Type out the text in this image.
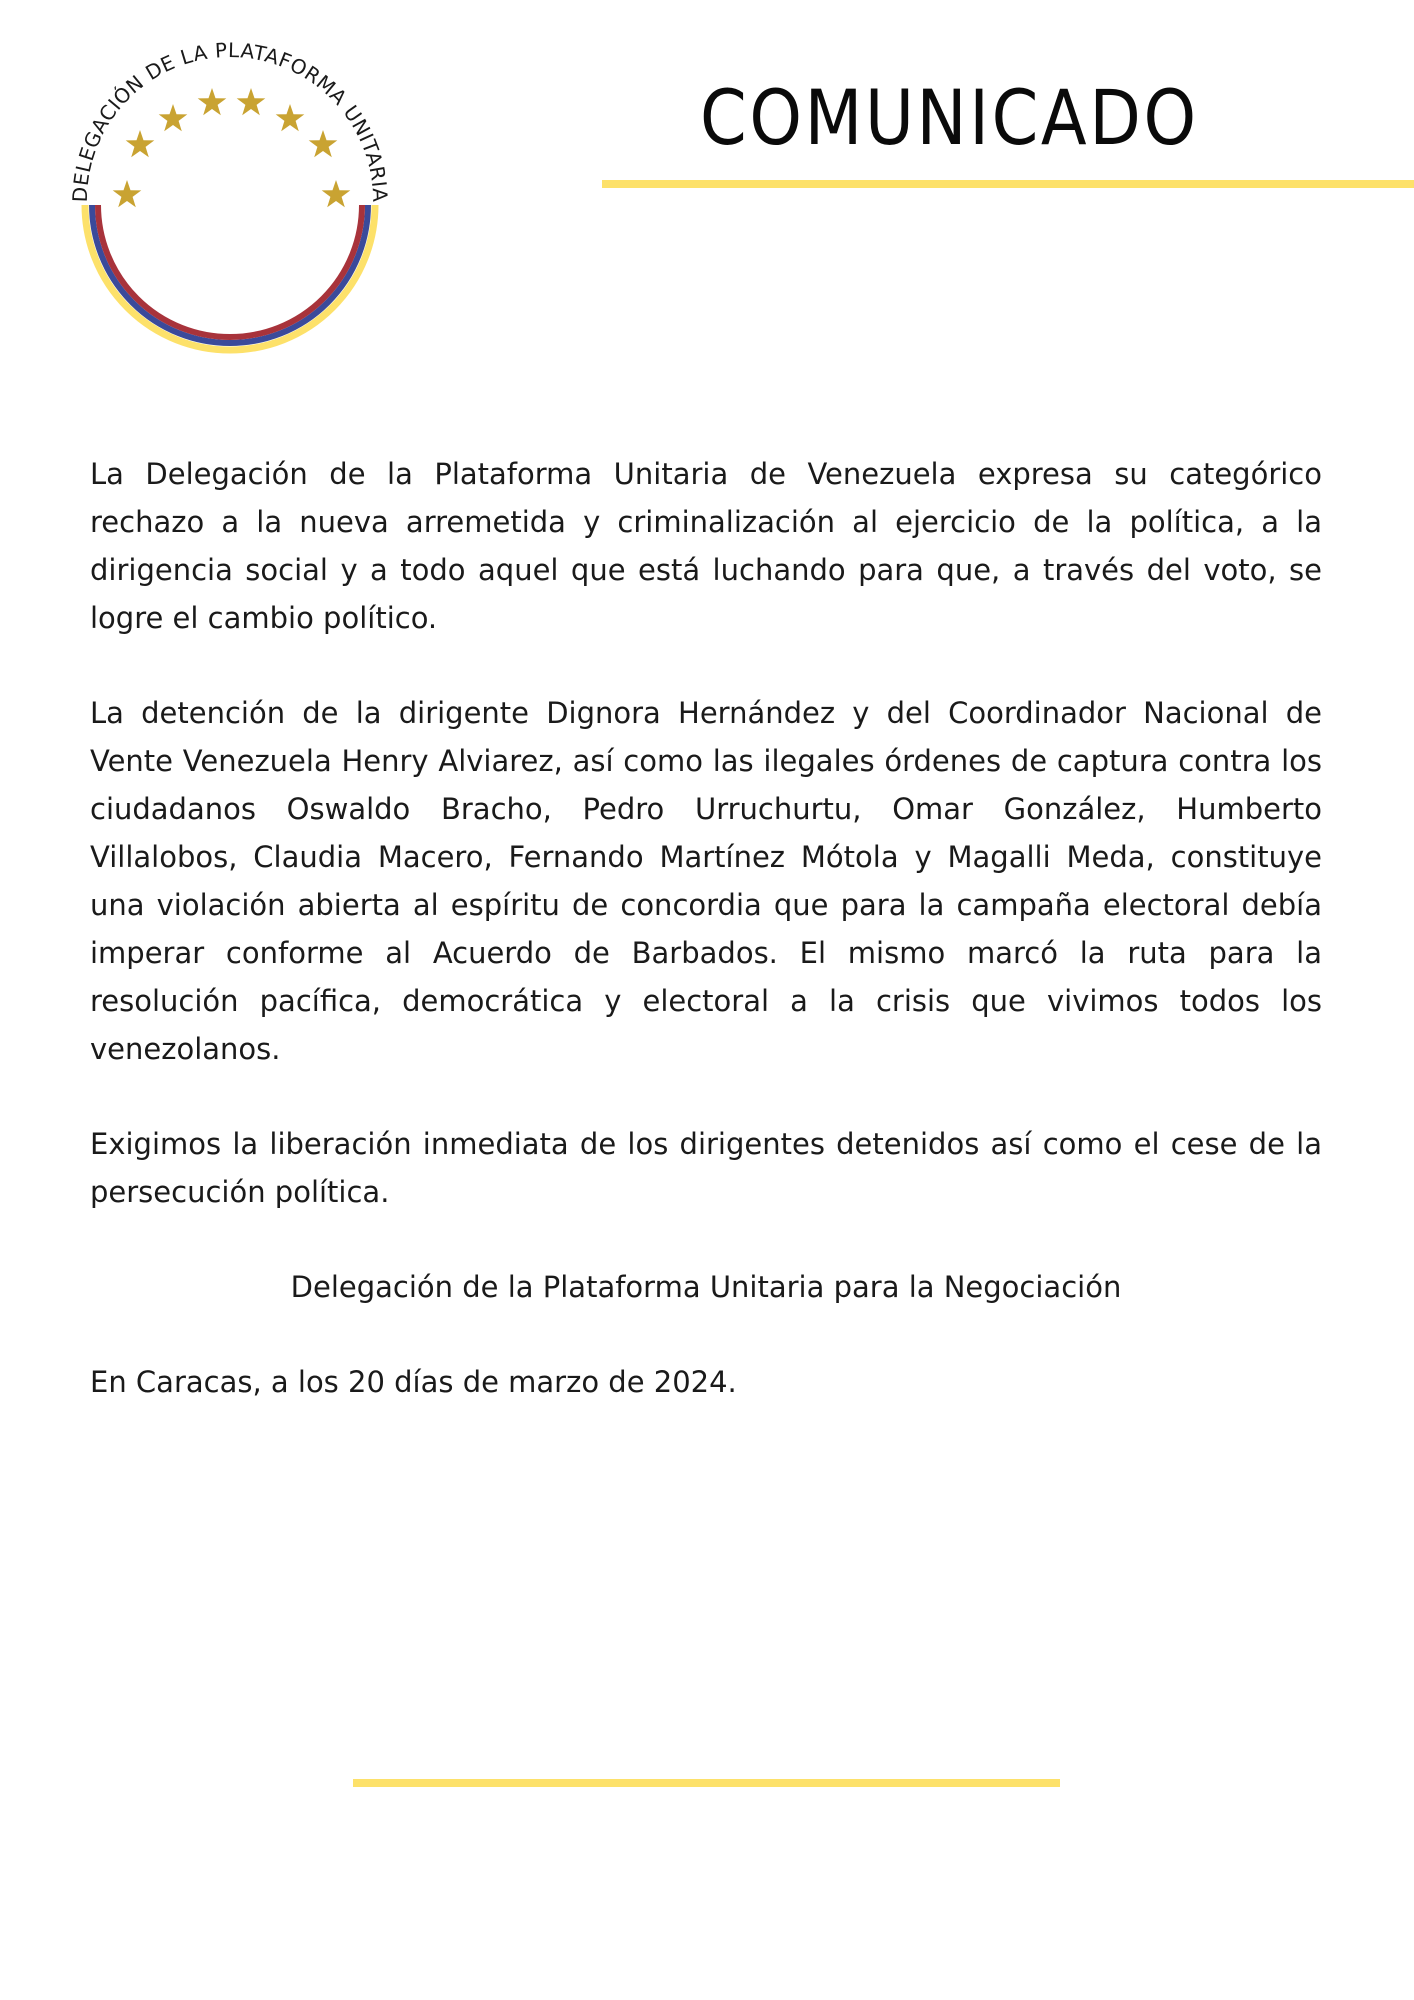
DELEGACIÓN DE LA PLATAFORMA UNITARIA
COMUNICADO

La Delegación de la Plataforma Unitaria de Venezuela expresa su categórico rechazo a la nueva arremetida y criminalización al ejercicio de la política, a la dirigencia social y a todo aquel que está luchando para que, a través del voto, se logre el cambio político.

La detención de la dirigente Dignora Hernández y del Coordinador Nacional de Vente Venezuela Henry Alviarez, así como las ilegales órdenes de captura contra los ciudadanos Oswaldo Bracho, Pedro Urruchurtu, Omar González, Humberto Villalobos, Claudia Macero, Fernando Martínez Mótola y Magalli Meda, constituye una violación abierta al espíritu de concordia que para la campaña electoral debía imperar conforme al Acuerdo de Barbados. El mismo marcó la ruta para la resolución pacífica, democrática y electoral a la crisis que vivimos todos los venezolanos.

Exigimos la liberación inmediata de los dirigentes detenidos así como el cese de la persecución política.

Delegación de la Plataforma Unitaria para la Negociación

En Caracas, a los 20 días de marzo de 2024.
